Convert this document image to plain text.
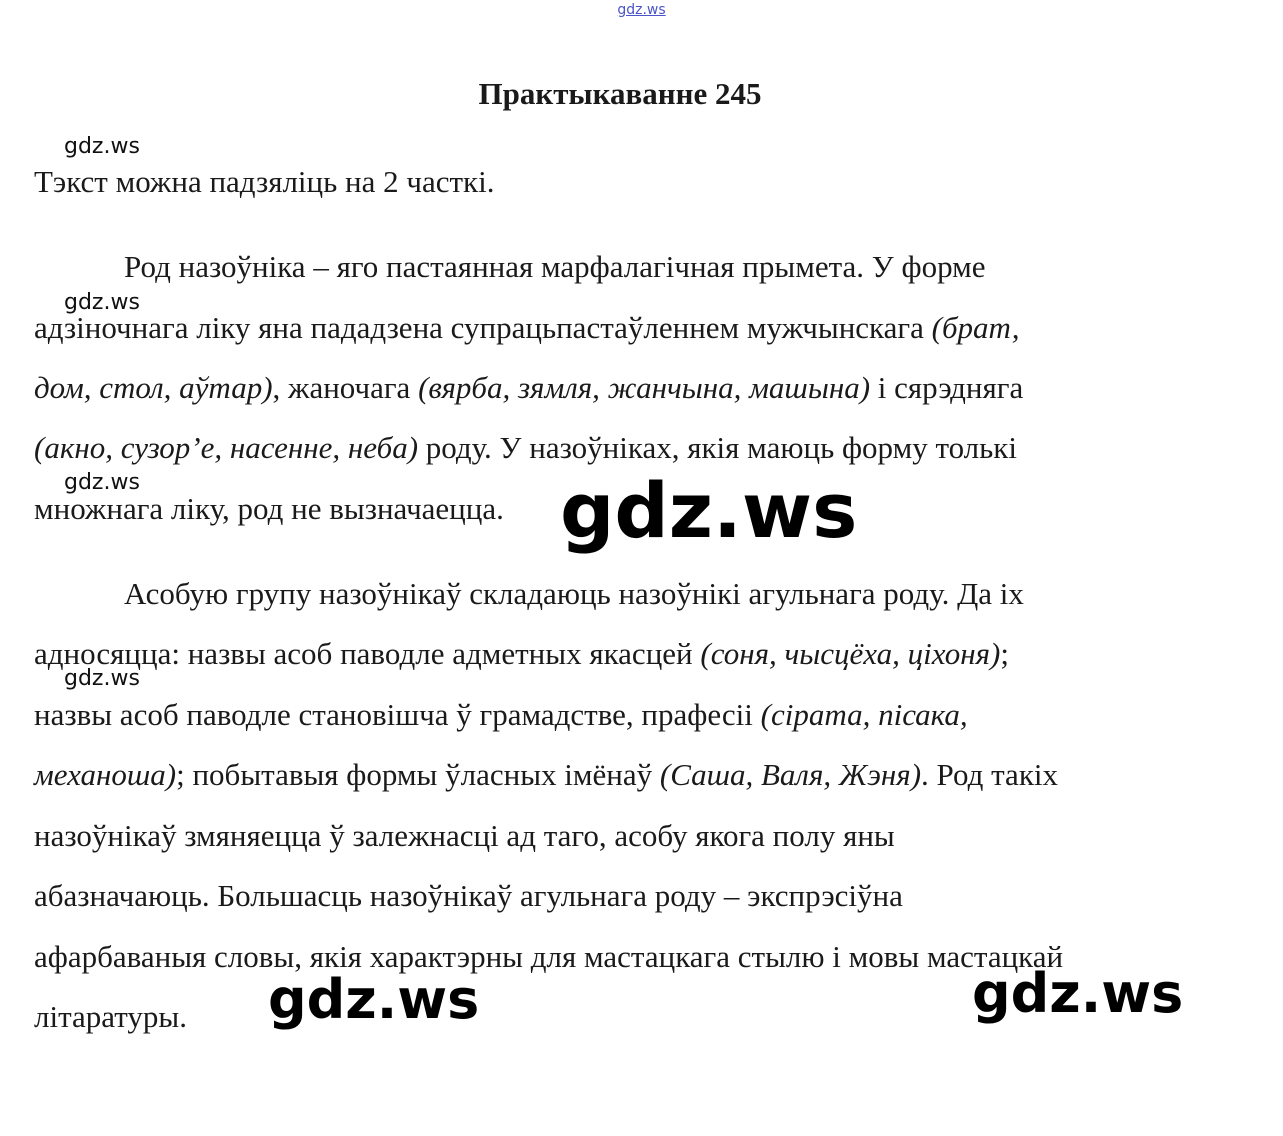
gdz.ws
Практыкаванне 245
gdz.ws
Тэкст можна падзяліць на 2 часткі.
Род назоўніка – яго пастаянная марфалагічная прымета. У форме
gdz.ws
адзіночнага ліку яна пададзена супрацьпастаўленнем мужчынскага (брат,
дом, стол, аўтар), жаночага (вярба, зямля, жанчына, машына) і сярэдняга
(акно, сузор’е, насенне, неба) роду. У назоўніках, якія маюць форму толькі
gdz.ws
множнага ліку, род не вызначаецца. gdz.ws
Асобую групу назоўнікаў складаюць назоўнікі агульнага роду. Да іх
адносяцца: назвы асоб паводле адметных якасцей (соня, чысцёха, ціхоня);
gdz.ws
назвы асоб паводле становішча ў грамадстве, прафесіі (сірата, пісака,
механоша); побытавыя формы ўласных імёнаў (Саша, Валя, Жэня). Род такіх
назоўнікаў змяняецца ў залежнасці ад таго, асобу якога полу яны
абазначаюць. Большасць назоўнікаў агульнага роду – экспрэсіўна
афарбаваныя словы, якія характэрны для мастацкага стылю і мовы мастацкай
літаратуры. gdz.ws	gdz.ws
